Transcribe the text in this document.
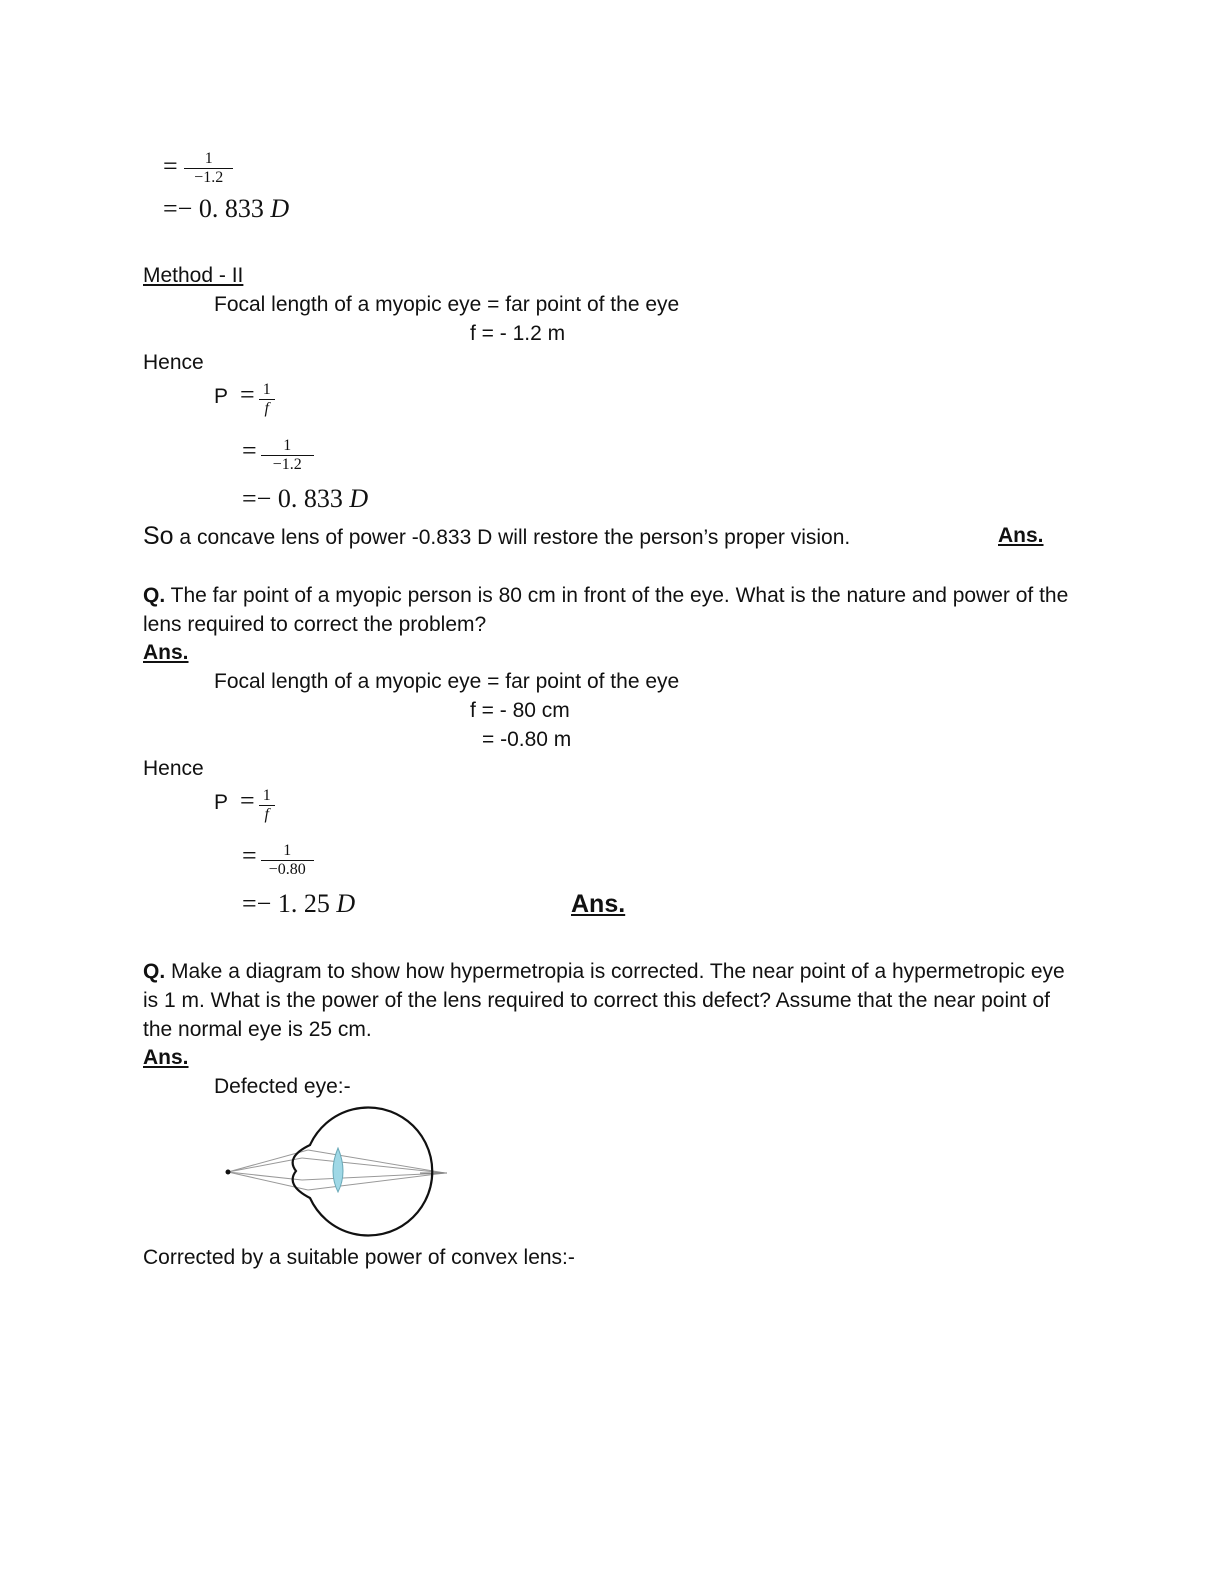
= $\frac{1}{-1.2}$
=− 0. 833 D
Method - II
Focal length of a myopic eye = far point of the eye
f = - 1.2 m
Hence
$P = \frac{1}{f}$
= $\frac{1}{-1.2}$
=− 0. 833 D
So a concave lens of power -0.833 D will restore the person’s proper vision.	Ans.
Q. The far point of a myopic person is 80 cm in front of the eye. What is the nature and power of the lens required to correct the problem?
Ans.
Focal length of a myopic eye = far point of the eye
f = - 80 cm
= -0.80 m
Hence
$P = \frac{1}{f}$
= $\frac{1}{-0.80}$
=− 1. 25 D	Ans.
Q. Make a diagram to show how hypermetropia is corrected. The near point of a hypermetropic eye is 1 m. What is the power of the lens required to correct this defect? Assume that the near point of the normal eye is 25 cm.
Ans.
Defected eye:-
Corrected by a suitable power of convex lens:-
